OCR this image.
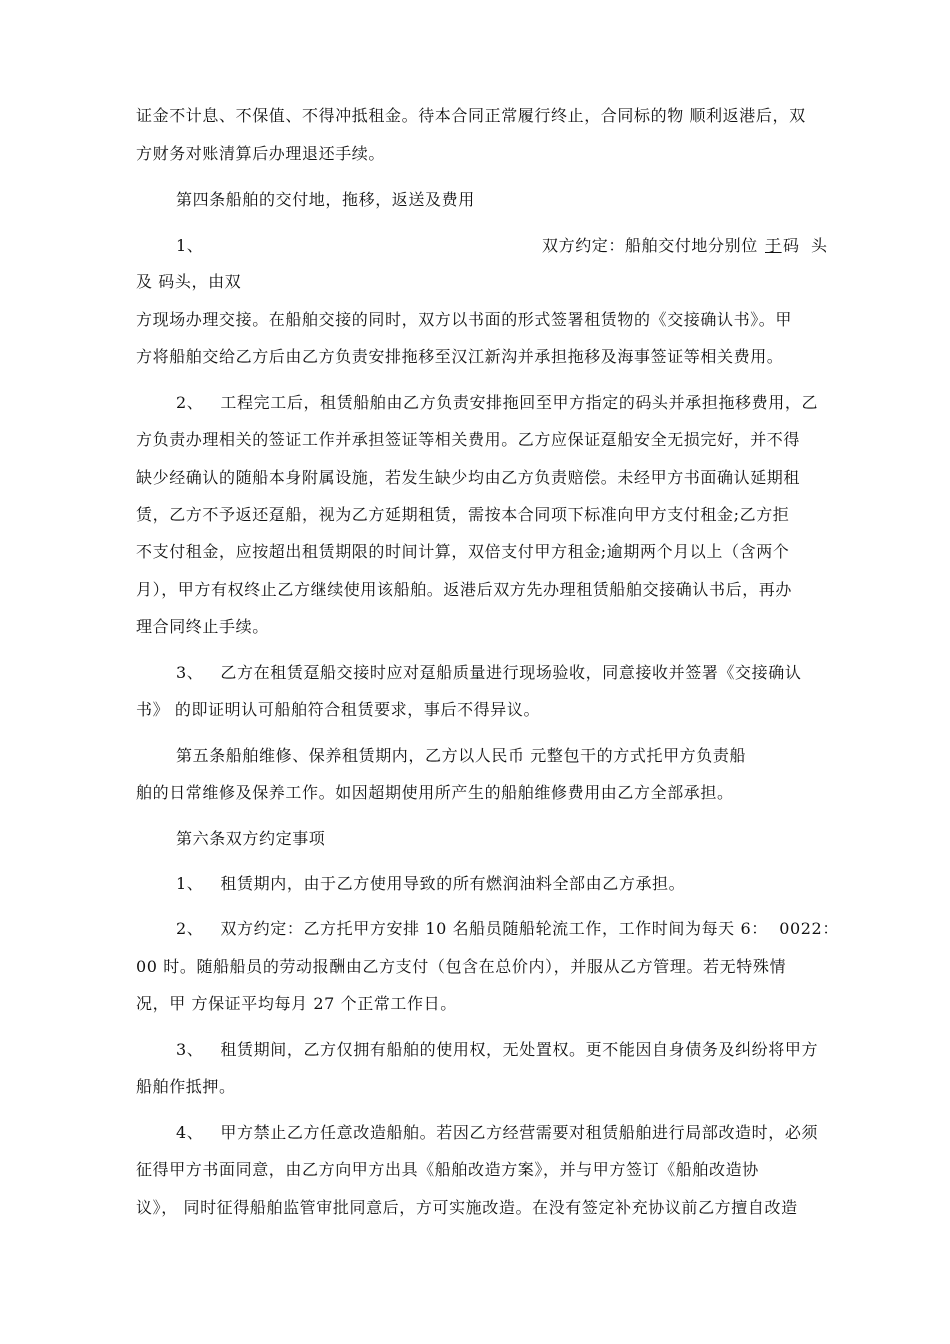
证金不计息、不保值、不得冲抵租金。待本合同正常履行终止，合同标的物 顺利返港后，双
方财务对账清算后办理退还手续。
第四条船舶的交付地，拖移，返送及费用
1、	双方约定：船舶交付地分别位 于 码  头
及 码头，由双
方现场办理交接。在船舶交接的同时，双方以书面的形式签署租赁物的《交接确认书》。甲
方将船舶交给乙方后由乙方负责安排拖移至汉江新沟并承担拖移及海事签证等相关费用。
2、   工程完工后，租赁船舶由乙方负责安排拖回至甲方指定的码头并承担拖移费用，乙
方负责办理相关的签证工作并承担签证等相关费用。乙方应保证趸船安全无损完好，并不得
缺少经确认的随船本身附属设施，若发生缺少均由乙方负责赔偿。未经甲方书面确认延期租
赁，乙方不予返还趸船，视为乙方延期租赁，需按本合同项下标准向甲方支付租金;乙方拒
不支付租金，应按超出租赁期限的时间计算，双倍支付甲方租金;逾期两个月以上（含两个
月），甲方有权终止乙方继续使用该船舶。返港后双方先办理租赁船舶交接确认书后，再办
理合同终止手续。
3、   乙方在租赁趸船交接时应对趸船质量进行现场验收，同意接收并签署《交接确认
书》 的即证明认可船舶符合租赁要求，事后不得异议。
第五条船舶维修、保养租赁期内，乙方以人民币 元整包干的方式托甲方负责船
舶的日常维修及保养工作。如因超期使用所产生的船舶维修费用由乙方全部承担。
第六条双方约定事项
1、   租赁期内，由于乙方使用导致的所有燃润油料全部由乙方承担。
2、   双方约定：乙方托甲方安排 10 名船员随船轮流工作，工作时间为每天 6：  0022：
00 时。随船船员的劳动报酬由乙方支付（包含在总价内），并服从乙方管理。若无特殊情
况，甲 方保证平均每月 27 个正常工作日。
3、   租赁期间，乙方仅拥有船舶的使用权，无处置权。更不能因自身债务及纠纷将甲方
船舶作抵押。
4、   甲方禁止乙方任意改造船舶。若因乙方经营需要对租赁船舶进行局部改造时，必须
征得甲方书面同意，由乙方向甲方出具《船舶改造方案》，并与甲方签订《船舶改造协
议》， 同时征得船舶监管审批同意后，方可实施改造。在没有签定补充协议前乙方擅自改造
